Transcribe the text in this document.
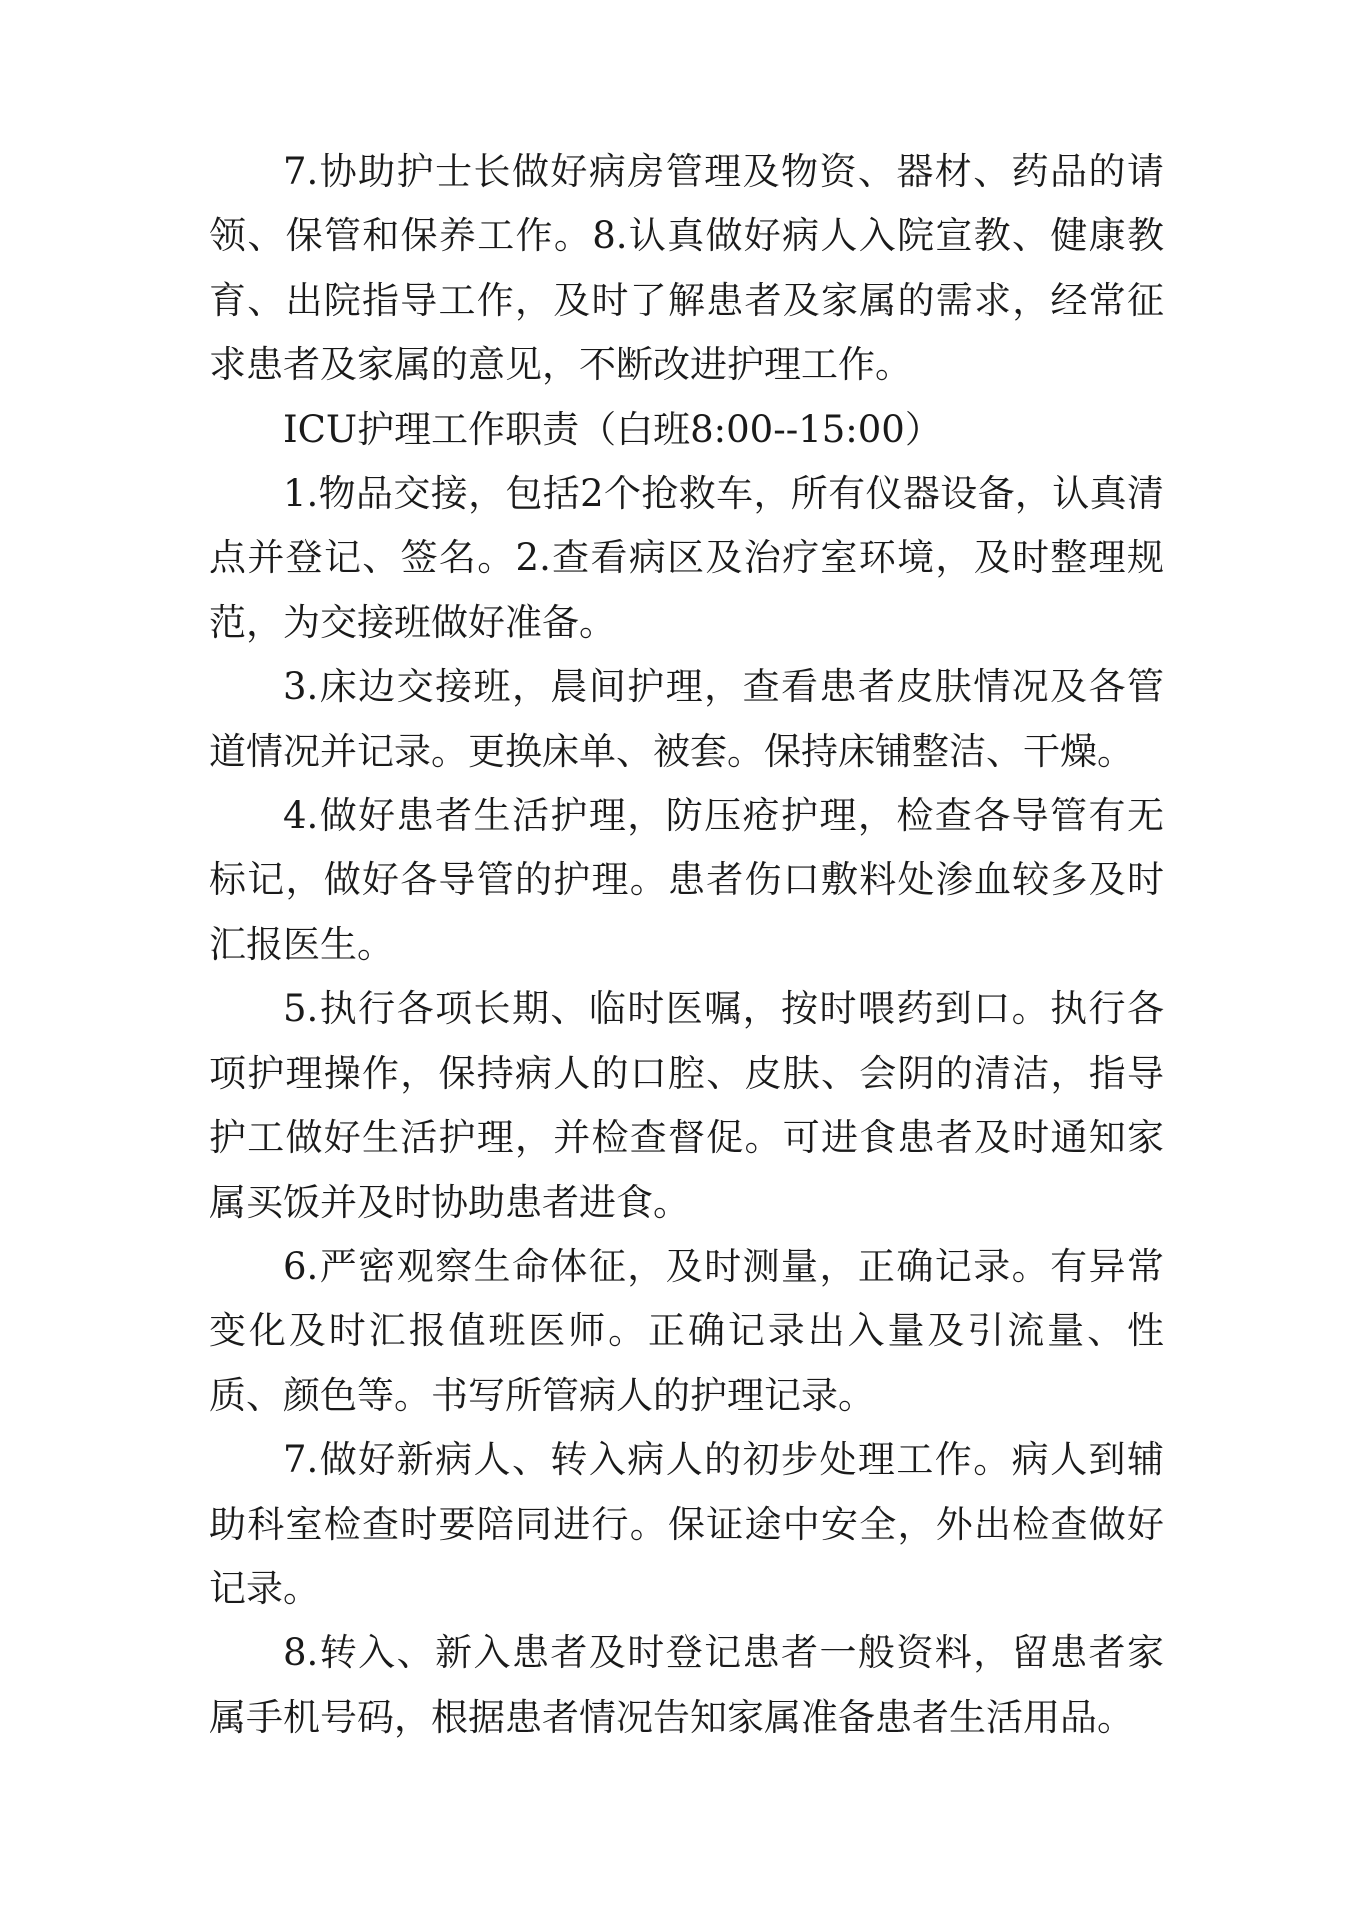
7.协助护士长做好病房管理及物资、器材、药品的请领、保管和保养工作。8.认真做好病人入院宣教、健康教育、出院指导工作，及时了解患者及家属的需求，经常征求患者及家属的意见，不断改进护理工作。

ICU护理工作职责（白班8:00--15:00）

1.物品交接，包括2个抢救车，所有仪器设备，认真清点并登记、签名。2.查看病区及治疗室环境，及时整理规范，为交接班做好准备。

3.床边交接班，晨间护理，查看患者皮肤情况及各管道情况并记录。更换床单、被套。保持床铺整洁、干燥。

4.做好患者生活护理，防压疮护理，检查各导管有无标记，做好各导管的护理。患者伤口敷料处渗血较多及时汇报医生。

5.执行各项长期、临时医嘱，按时喂药到口。执行各项护理操作，保持病人的口腔、皮肤、会阴的清洁，指导护工做好生活护理，并检查督促。可进食患者及时通知家属买饭并及时协助患者进食。

6.严密观察生命体征，及时测量，正确记录。有异常变化及时汇报值班医师。正确记录出入量及引流量、性质、颜色等。书写所管病人的护理记录。

7.做好新病人、转入病人的初步处理工作。病人到辅助科室检查时要陪同进行。保证途中安全，外出检查做好记录。

8.转入、新入患者及时登记患者一般资料，留患者家属手机号码，根据患者情况告知家属准备患者生活用品。
